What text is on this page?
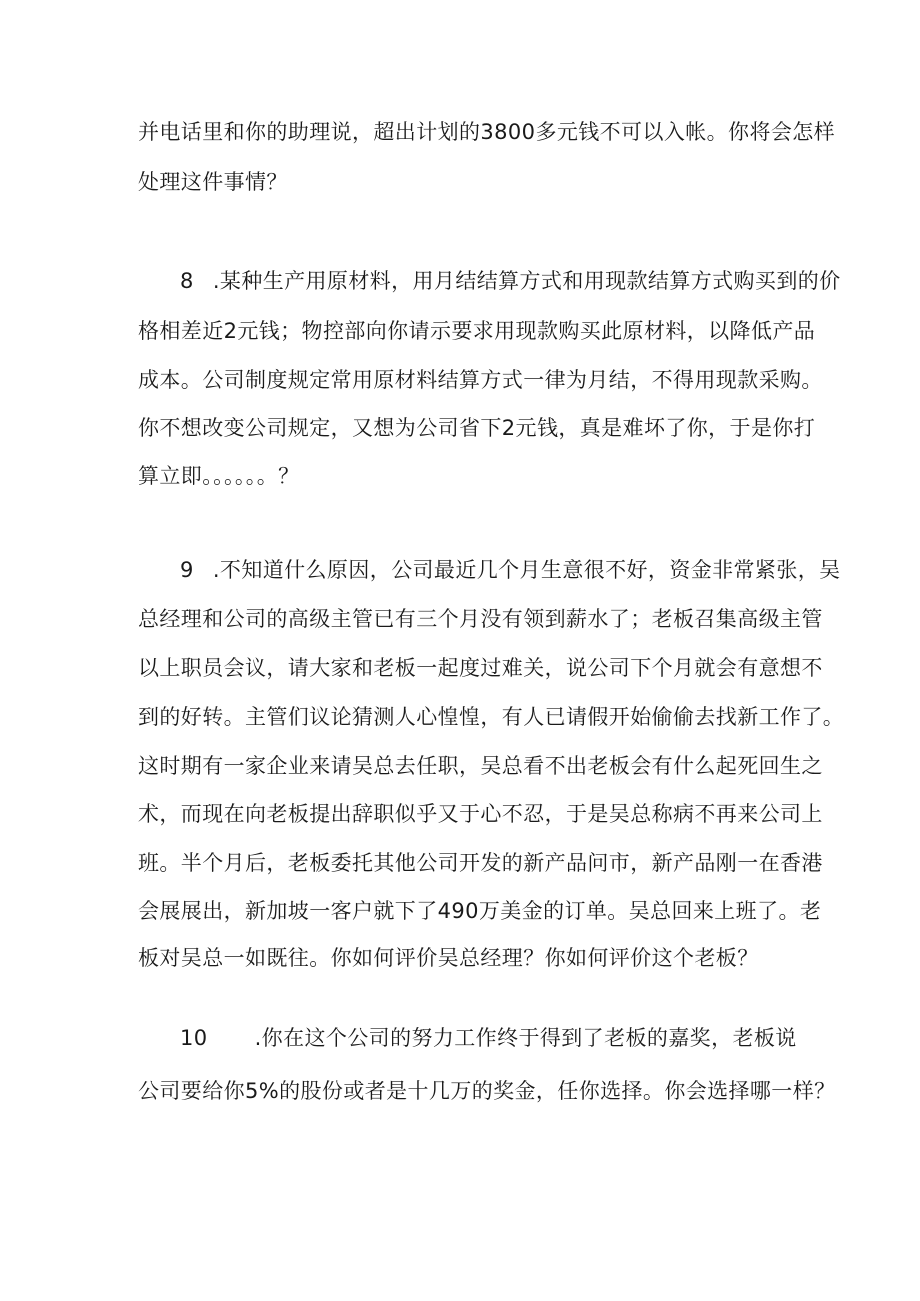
并电话里和你的助理说，超出计划的3800多元钱不可以入帐。你将会怎样
处理这件事情？
8 .某种生产用原材料，用月结结算方式和用现款结算方式购买到的价
格相差近2元钱；物控部向你请示要求用现款购买此原材料，以降低产品
成本。公司制度规定常用原材料结算方式一律为月结，不得用现款采购。
你不想改变公司规定，又想为公司省下2元钱，真是难坏了你，于是你打
算立即。。。。。。？
9 .不知道什么原因，公司最近几个月生意很不好，资金非常紧张，吴
总经理和公司的高级主管已有三个月没有领到薪水了；老板召集高级主管
以上职员会议，请大家和老板一起度过难关，说公司下个月就会有意想不
到的好转。主管们议论猜测人心惶惶，有人已请假开始偷偷去找新工作了。
这时期有一家企业来请吴总去任职，吴总看不出老板会有什么起死回生之
术，而现在向老板提出辞职似乎又于心不忍，于是吴总称病不再来公司上
班。半个月后，老板委托其他公司开发的新产品问市，新产品刚一在香港
会展展出，新加坡一客户就下了490万美金的订单。吴总回来上班了。老
板对吴总一如既往。你如何评价吴总经理？你如何评价这个老板？
10 .你在这个公司的努力工作终于得到了老板的嘉奖，老板说
公司要给你5%的股份或者是十几万的奖金，任你选择。你会选择哪一样？
